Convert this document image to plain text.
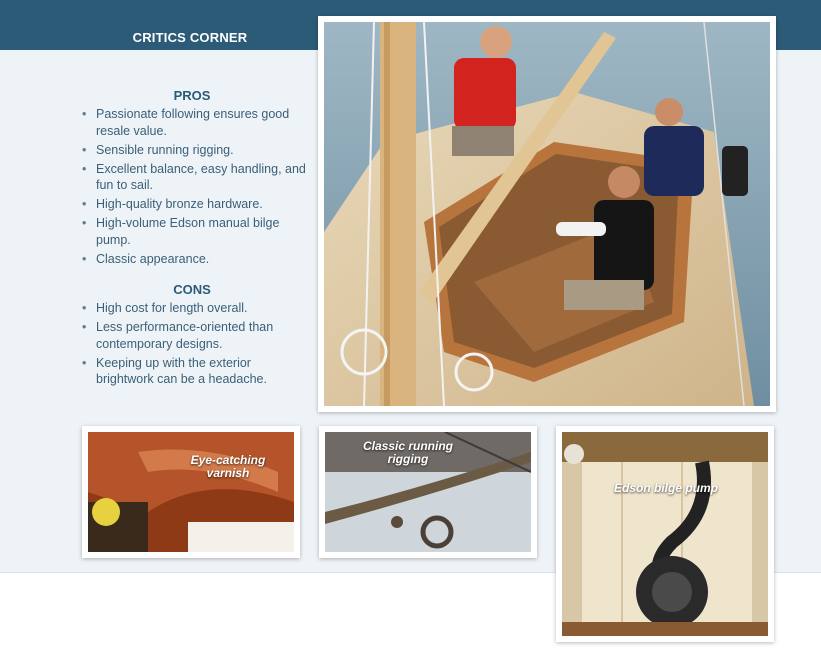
CRITICS CORNER
PROS
• Passionate following ensures good resale value.
• Sensible running rigging.
• Excellent balance, easy handling, and fun to sail.
• High-quality bronze hardware.
• High-volume Edson manual bilge pump.
• Classic appearance.
CONS
• High cost for length overall.
• Less performance-oriented than contemporary designs.
• Keeping up with the exterior brightwork can be a headache.
Eye-catching varnish
Classic running rigging
Edson bilge pump
